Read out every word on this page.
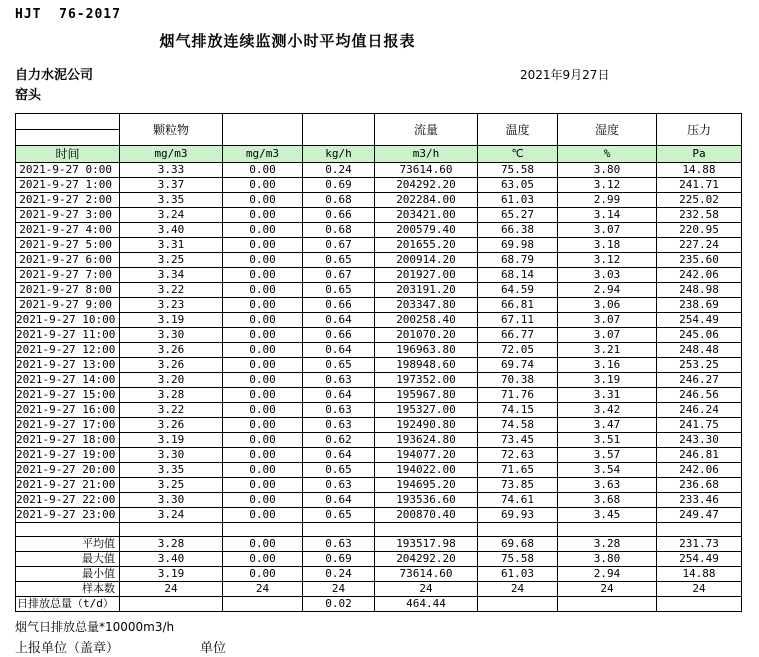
HJT  76-2017
烟气排放连续监测小时平均值日报表
自力水泥公司
窑头
2021年9月27日
	颗粒物			流量	温度	湿度	压力

时间	mg/m3	mg/m3	kg/h	m3/h	℃	%	Pa
2021-9-27 0:00	3.33	0.00	0.24	73614.60	75.58	3.80	14.88
2021-9-27 1:00	3.37	0.00	0.69	204292.20	63.05	3.12	241.71
2021-9-27 2:00	3.35	0.00	0.68	202284.00	61.03	2.99	225.02
2021-9-27 3:00	3.24	0.00	0.66	203421.00	65.27	3.14	232.58
2021-9-27 4:00	3.40	0.00	0.68	200579.40	66.38	3.07	220.95
2021-9-27 5:00	3.31	0.00	0.67	201655.20	69.98	3.18	227.24
2021-9-27 6:00	3.25	0.00	0.65	200914.20	68.79	3.12	235.60
2021-9-27 7:00	3.34	0.00	0.67	201927.00	68.14	3.03	242.06
2021-9-27 8:00	3.22	0.00	0.65	203191.20	64.59	2.94	248.98
2021-9-27 9:00	3.23	0.00	0.66	203347.80	66.81	3.06	238.69
2021-9-27 10:00	3.19	0.00	0.64	200258.40	67.11	3.07	254.49
2021-9-27 11:00	3.30	0.00	0.66	201070.20	66.77	3.07	245.06
2021-9-27 12:00	3.26	0.00	0.64	196963.80	72.05	3.21	248.48
2021-9-27 13:00	3.26	0.00	0.65	198948.60	69.74	3.16	253.25
2021-9-27 14:00	3.20	0.00	0.63	197352.00	70.38	3.19	246.27
2021-9-27 15:00	3.28	0.00	0.64	195967.80	71.76	3.31	246.56
2021-9-27 16:00	3.22	0.00	0.63	195327.00	74.15	3.42	246.24
2021-9-27 17:00	3.26	0.00	0.63	192490.80	74.58	3.47	241.75
2021-9-27 18:00	3.19	0.00	0.62	193624.80	73.45	3.51	243.30
2021-9-27 19:00	3.30	0.00	0.64	194077.20	72.63	3.57	246.81
2021-9-27 20:00	3.35	0.00	0.65	194022.00	71.65	3.54	242.06
2021-9-27 21:00	3.25	0.00	0.63	194695.20	73.85	3.63	236.68
2021-9-27 22:00	3.30	0.00	0.64	193536.60	74.61	3.68	233.46
2021-9-27 23:00	3.24	0.00	0.65	200870.40	69.93	3.45	249.47

平均值	3.28	0.00	0.63	193517.98	69.68	3.28	231.73
最大值	3.40	0.00	0.69	204292.20	75.58	3.80	254.49
最小值	3.19	0.00	0.24	73614.60	61.03	2.94	14.88
样本数	24	24	24	24	24	24	24
日排放总量（t/d）			0.02	464.44			
烟气日排放总量*10000m3/h
上报单位（盖章）	单位
